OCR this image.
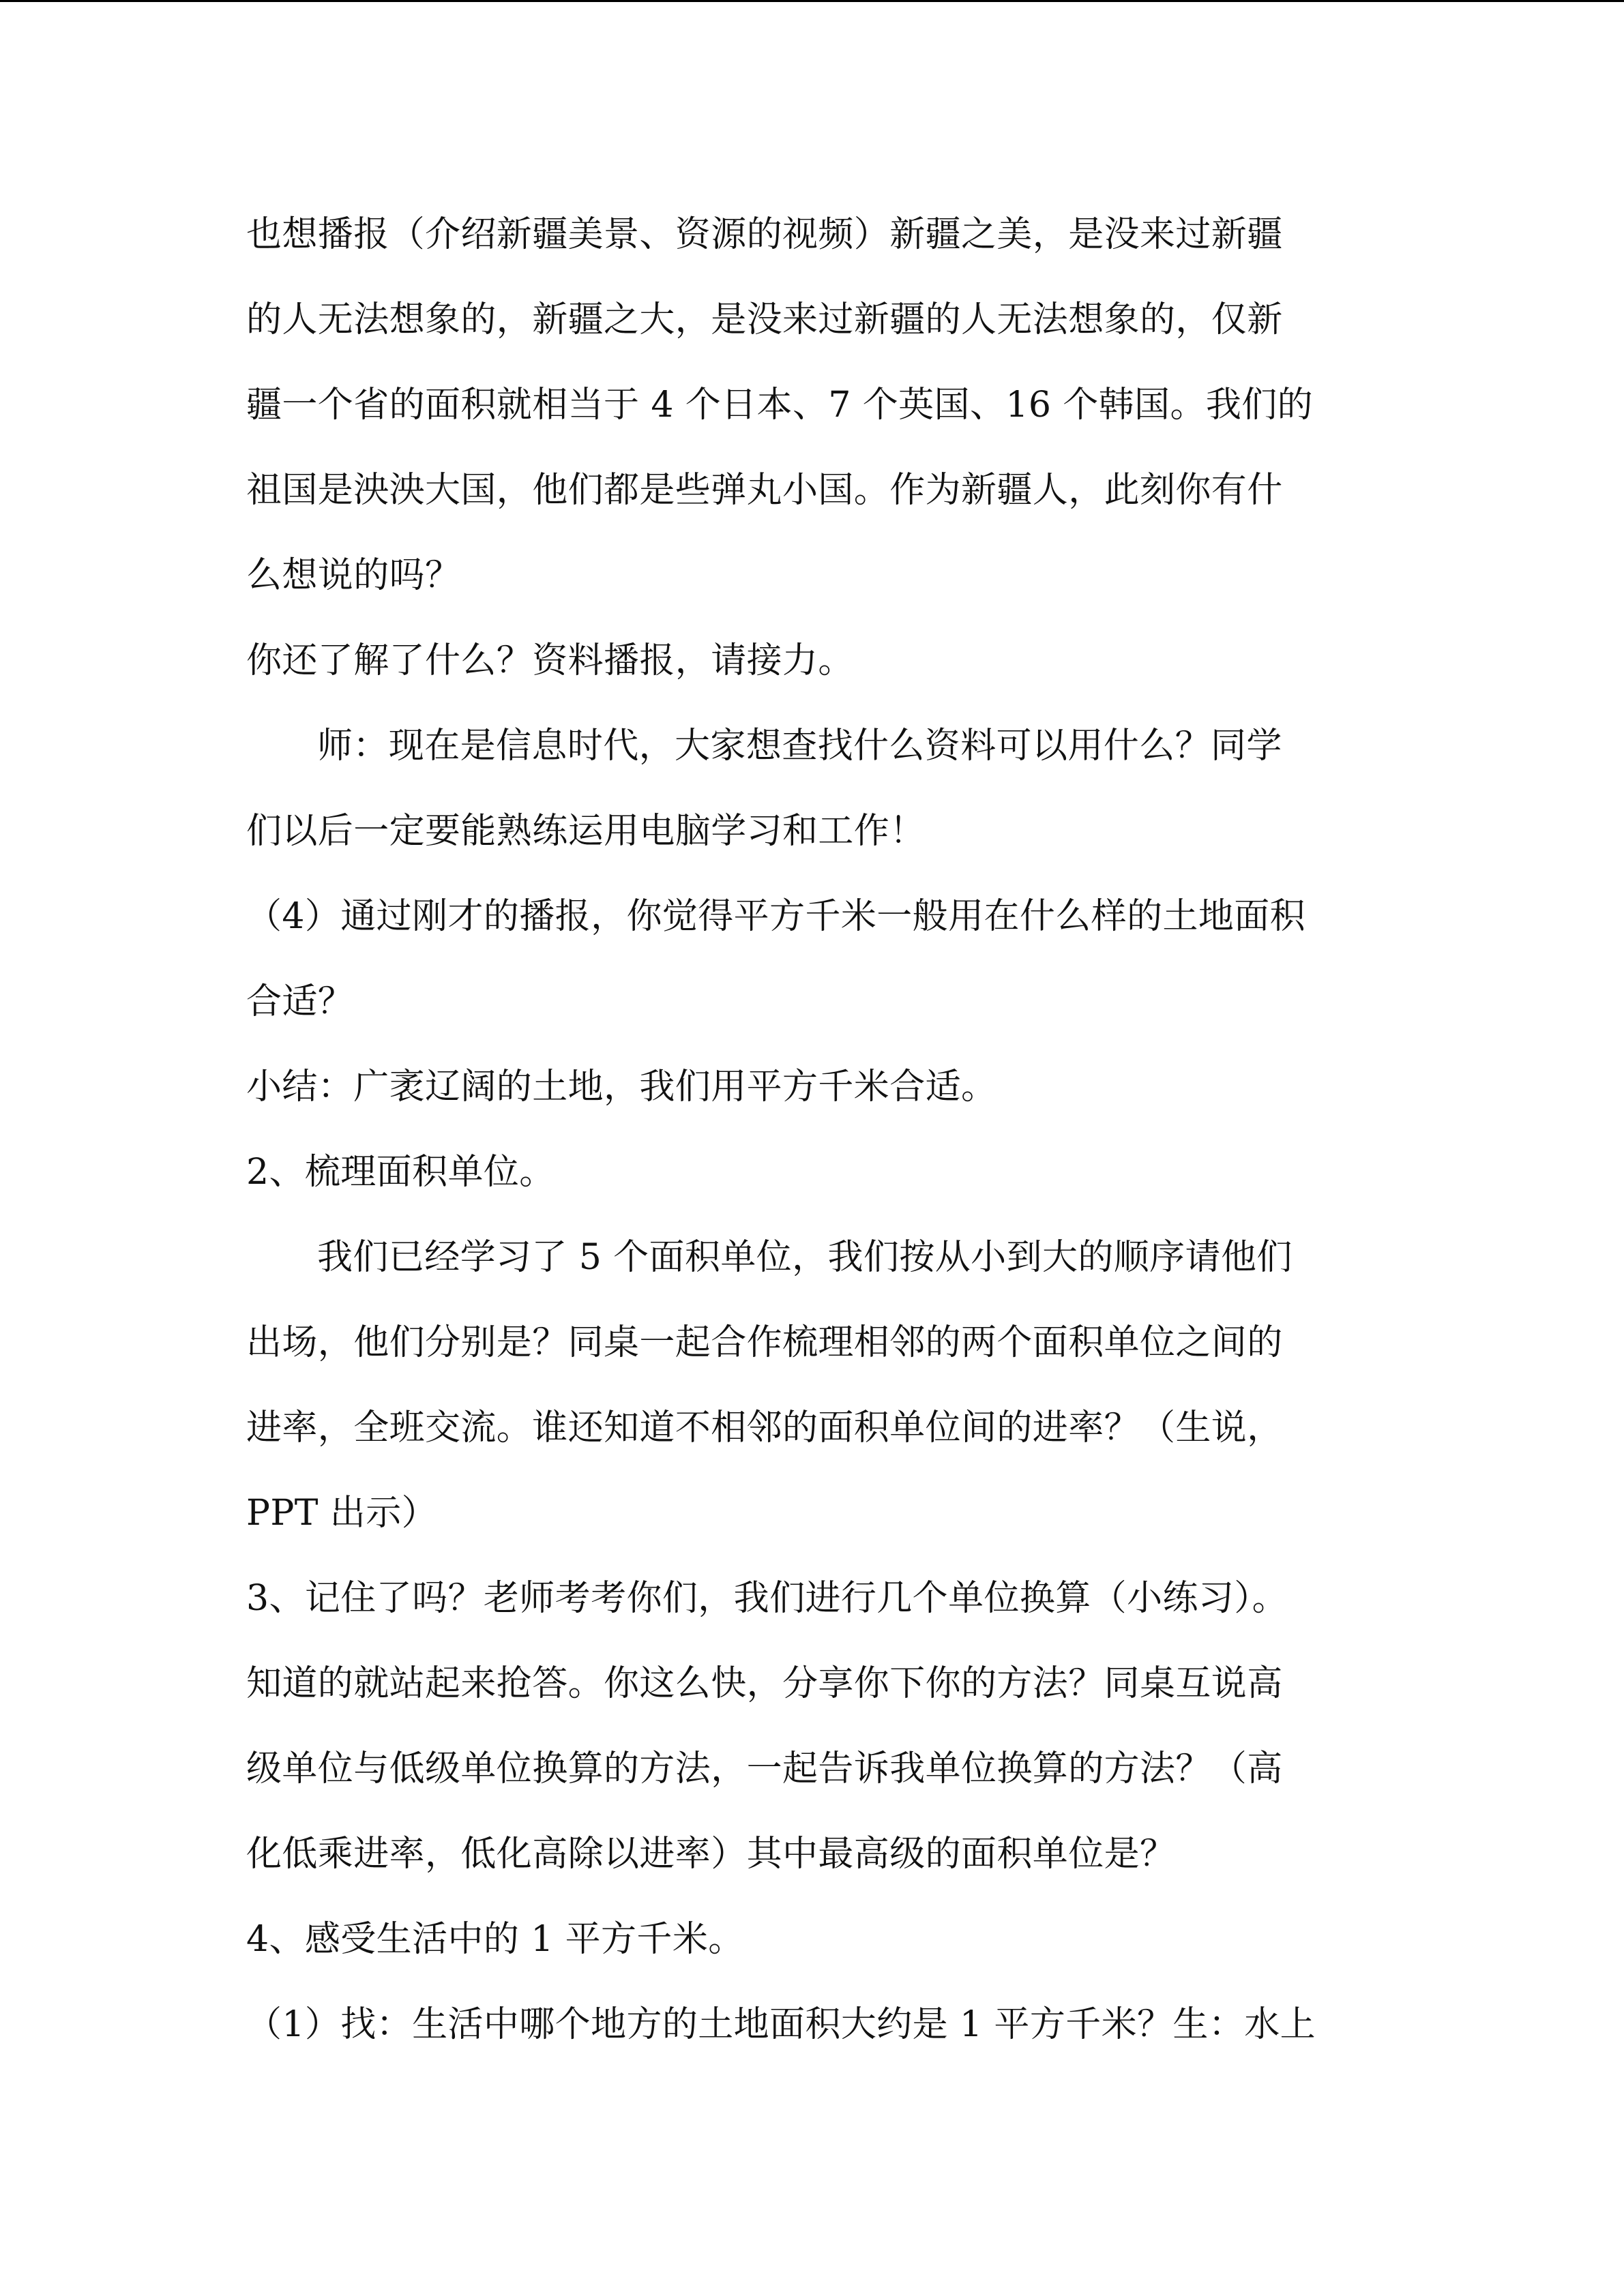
也想播报（介绍新疆美景、资源的视频）新疆之美，是没来过新疆
的人无法想象的，新疆之大，是没来过新疆的人无法想象的，仅新
疆一个省的面积就相当于 4 个日本、7 个英国、16 个韩国。我们的
祖国是泱泱大国，他们都是些弹丸小国。作为新疆人，此刻你有什
么想说的吗？
你还了解了什么？资料播报，请接力。
师：现在是信息时代，大家想查找什么资料可以用什么？同学
们以后一定要能熟练运用电脑学习和工作！
（4）通过刚才的播报，你觉得平方千米一般用在什么样的土地面积
合适？
小结：广袤辽阔的土地，我们用平方千米合适。
2、梳理面积单位。
我们已经学习了 5 个面积单位，我们按从小到大的顺序请他们
出场，他们分别是？同桌一起合作梳理相邻的两个面积单位之间的
进率，全班交流。谁还知道不相邻的面积单位间的进率？（生说，
PPT 出示）
3、记住了吗？老师考考你们，我们进行几个单位换算（小练习）。
知道的就站起来抢答。你这么快，分享你下你的方法？同桌互说高
级单位与低级单位换算的方法，一起告诉我单位换算的方法？（高
化低乘进率，低化高除以进率）其中最高级的面积单位是？
4、感受生活中的 1 平方千米。
（1）找：生活中哪个地方的土地面积大约是 1 平方千米？生：水上
